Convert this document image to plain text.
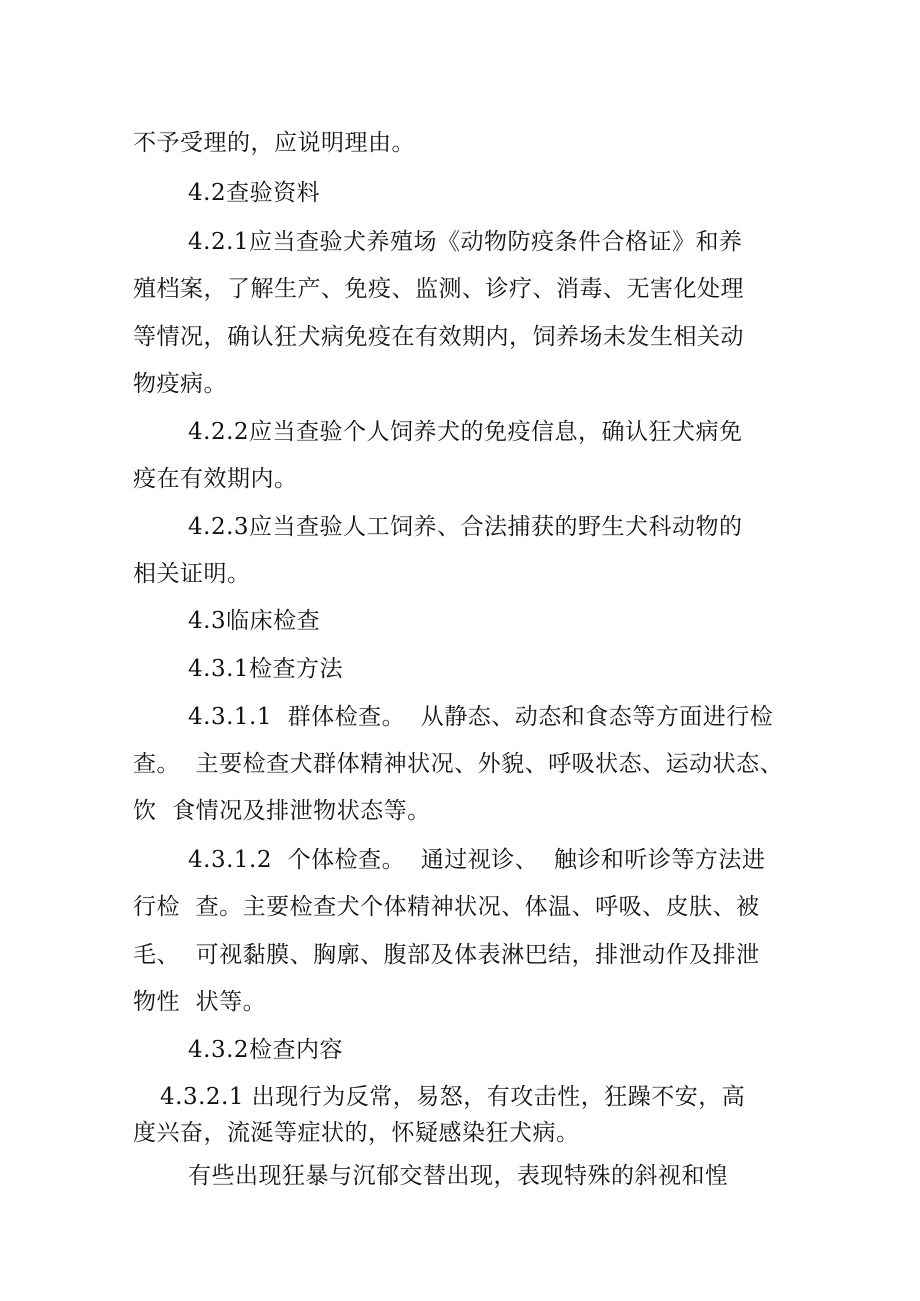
不予受理的，应说明理由。
4.2查验资料
4.2.1应当查验犬养殖场《动物防疫条件合格证》和养
殖档案，了解生产、免疫、监测、诊疗、消毒、无害化处理
等情况，确认狂犬病免疫在有效期内，饲养场未发生相关动
物疫病。
4.2.2应当查验个人饲养犬的免疫信息，确认狂犬病免
疫在有效期内。
4.2.3应当查验人工饲养、合法捕获的野生犬科动物的
相关证明。
4.3临床检查
4.3.1检查方法
4.3.1.1  群体检查。  从静态、动态和食态等方面进行检
查。  主要检查犬群体精神状况、外貌、呼吸状态、运动状态、
饮  食情况及排泄物状态等。
4.3.1.2  个体检查。  通过视诊、  触诊和听诊等方法进
行检  查。主要检查犬个体精神状况、体温、呼吸、皮肤、被
毛、  可视黏膜、胸廓、腹部及体表淋巴结，排泄动作及排泄
物性  状等。
4.3.2检查内容
4.3.2.1 出现行为反常，易怒，有攻击性，狂躁不安，高
度兴奋，流涎等症状的，怀疑感染狂犬病。
有些出现狂暴与沉郁交替出现，表现特殊的斜视和惶
